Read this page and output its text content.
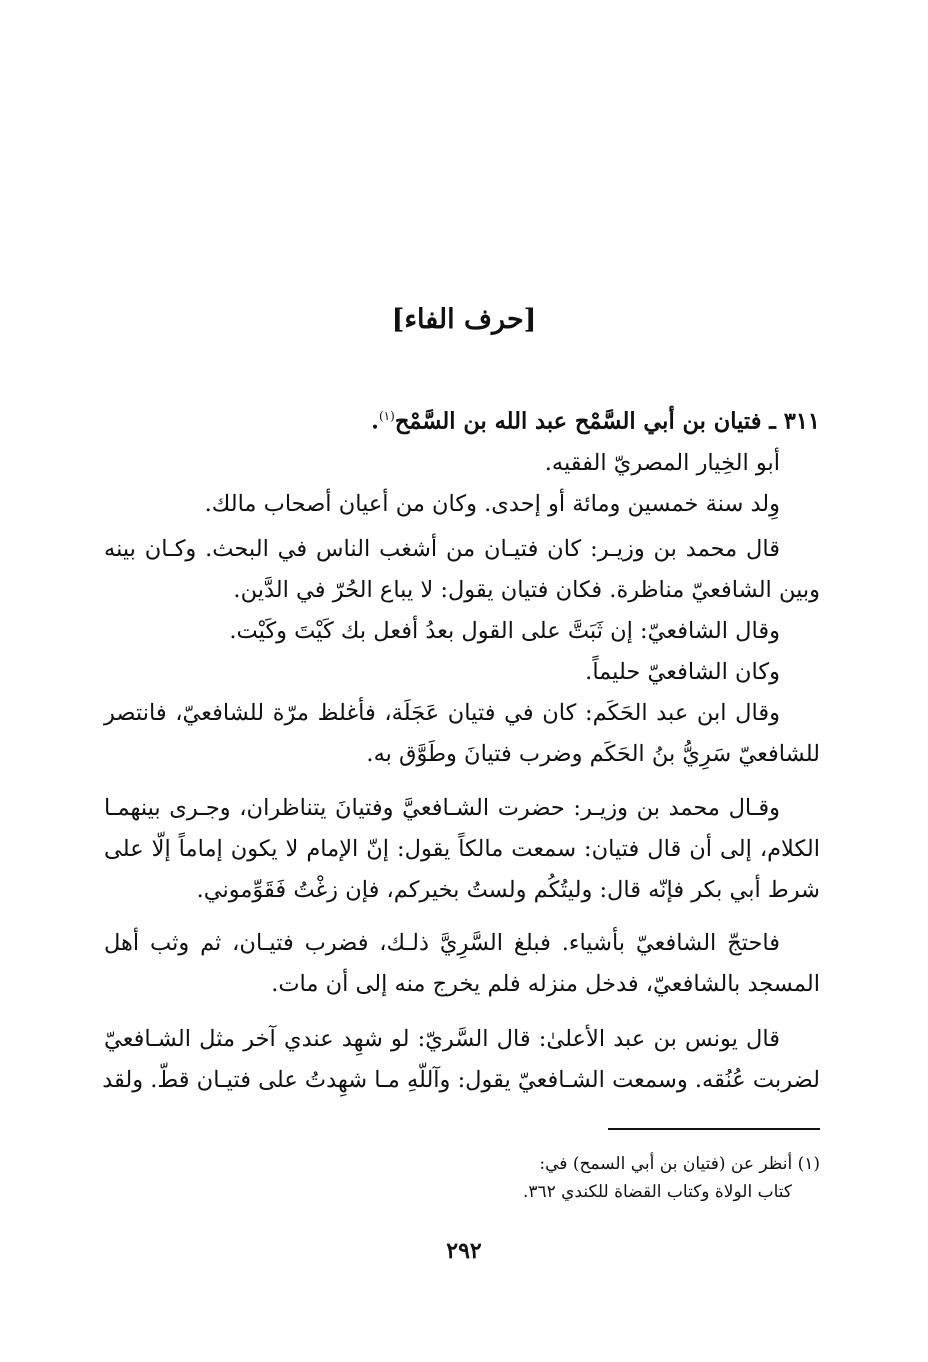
[حرف الفاء]
٣١١ ـ فتيان بن أبي السَّمْح عبد الله بن السَّمْح$^{(١)}$.
أبو الخِيار المصريّ الفقيه.
وِلد سنة خمسين ومائة أو إحدى. وكان من أعيان أصحاب مالك.
قال محمد بن وزيـر: كان فتيـان من أشغب الناس في البحث. وكـان بينه
وبين الشافعيّ مناظرة. فكان فتيان يقول: لا يباع الحُرّ في الدَّين.
وقال الشافعيّ: إن ثَبَتَّ على القول بعدُ أفعل بك كَيْتَ وكَيْت.
وكان الشافعيّ حليماً.
وقال ابن عبد الحَكَم: كان في فتيان عَجَلَة، فأغلظ مرّة للشافعيّ، فانتصر
للشافعيّ سَرِيُّ بنُ الحَكَم وضرب فتيانَ وطَوَّق به.
وقـال محمد بن وزيـر: حضرت الشـافعيَّ وفتيانَ يتناظران، وجـرى بينهمـا
الكلام، إلى أن قال فتيان: سمعت مالكاً يقول: إنّ الإمام لا يكون إماماً إلّا على
شرط أبي بكر فإنّه قال: وليتُكُم ولستُ بخيركم، فإن زغْتُ فَقَوِّموني.
فاحتجّ الشافعيّ بأشياء. فبلغ السَّرِيَّ ذلـك، فضرب فتيـان، ثم وثب أهل
المسجد بالشافعيّ، فدخل منزله فلم يخرج منه إلى أن مات.
قال يونس بن عبد الأعلىٰ: قال السَّريّ: لو شهِد عندي آخر مثل الشـافعيّ
لضربت عُنُقه. وسمعت الشـافعيّ يقول: وآللّهِ مـا شهِدتُ على فتيـان قطّ. ولقد
(١) أنظر عن (فتيان بن أبي السمح) في:
كتاب الولاة وكتاب القضاة للكندي ٣٦٢.
٢٩٢
